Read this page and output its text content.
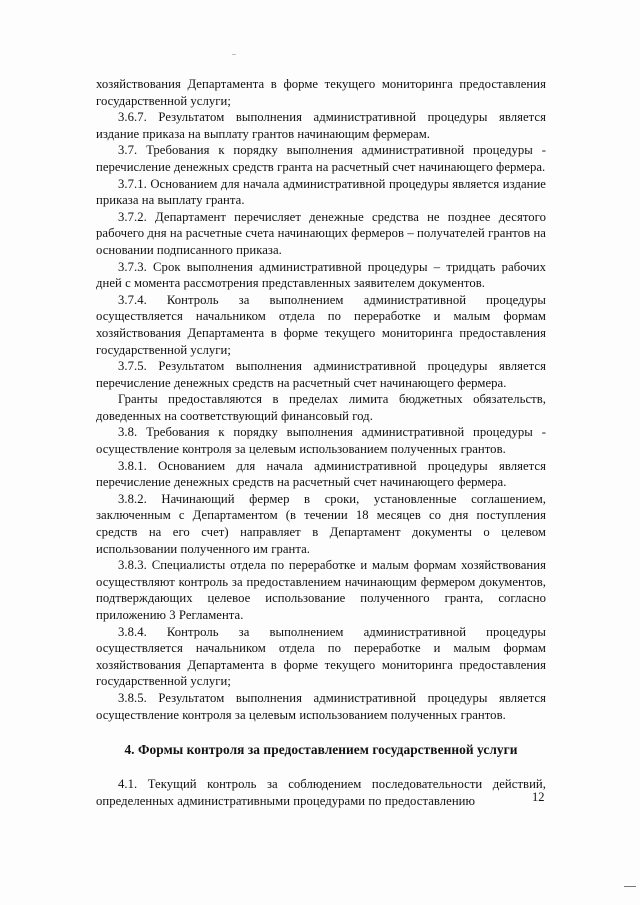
хозяйствования Департамента в форме текущего мониторинга предоставления государственной услуги;

3.6.7. Результатом выполнения административной процедуры является издание приказа на выплату грантов начинающим фермерам.

3.7. Требования к порядку выполнения административной процедуры - перечисление денежных средств гранта на расчетный счет начинающего фермера.

3.7.1. Основанием для начала административной процедуры является издание приказа на выплату гранта.

3.7.2. Департамент перечисляет денежные средства не позднее десятого рабочего дня на расчетные счета начинающих фермеров – получателей грантов на основании подписанного приказа.

3.7.3. Срок выполнения административной процедуры – тридцать рабочих дней с момента рассмотрения представленных заявителем документов.

3.7.4. Контроль за выполнением административной процедуры осуществляется начальником отдела по переработке и малым формам хозяйствования Департамента в форме текущего мониторинга предоставления государственной услуги;

3.7.5. Результатом выполнения административной процедуры является перечисление денежных средств на расчетный счет начинающего фермера.

Гранты предоставляются в пределах лимита бюджетных обязательств, доведенных на соответствующий финансовый год.

3.8. Требования к порядку выполнения административной процедуры - осуществление контроля за целевым использованием полученных грантов.

3.8.1. Основанием для начала административной процедуры является перечисление денежных средств на расчетный счет начинающего фермера.

3.8.2. Начинающий фермер в сроки, установленные соглашением, заключенным с Департаментом (в течении 18 месяцев со дня поступления средств на его счет) направляет в Департамент документы о целевом использовании полученного им гранта.

3.8.3. Специалисты отдела по переработке и малым формам хозяйствования осуществляют контроль за предоставлением начинающим фермером документов, подтверждающих целевое использование полученного гранта, согласно приложению 3 Регламента.

3.8.4. Контроль за выполнением административной процедуры осуществляется начальником отдела по переработке и малым формам хозяйствования Департамента в форме текущего мониторинга предоставления государственной услуги;

3.8.5. Результатом выполнения административной процедуры является осуществление контроля за целевым использованием полученных грантов.

4. Формы контроля за предоставлением государственной услуги

4.1. Текущий контроль за соблюдением последовательности действий, определенных административными процедурами по предоставлению	12
